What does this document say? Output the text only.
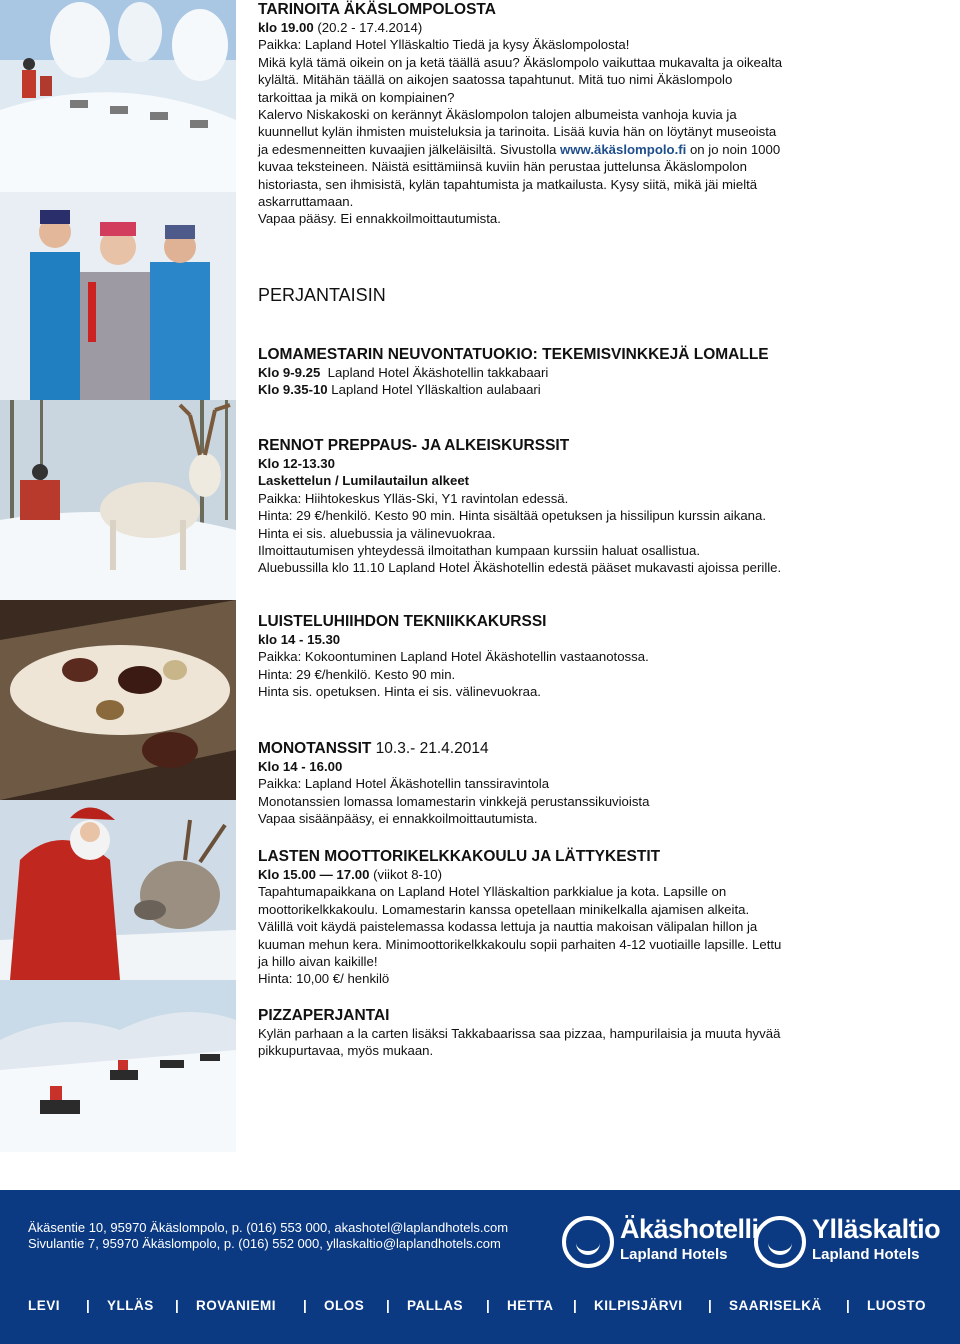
TARINOITA ÄKÄSLOMPOLOSTA
klo 19.00 (20.2 - 17.4.2014)
Paikka: Lapland Hotel Ylläskaltio Tiedä ja kysy Äkäslompolosta!
Mikä kylä tämä oikein on ja ketä täällä asuu? Äkäslompolo vaikuttaa mukavalta ja oikealta
kylältä. Mitähän täällä on aikojen saatossa tapahtunut. Mitä tuo nimi Äkäslompolo
tarkoittaa ja mikä on kompiainen?
Kalervo Niskakoski on kerännyt Äkäslompolon talojen albumeista vanhoja kuvia ja
kuunnellut kylän ihmisten muisteluksia ja tarinoita. Lisää kuvia hän on löytänyt museoista
ja edesmenneitten kuvaajien jälkeläisiltä. Sivustolla www.äkäslompolo.fi on jo noin 1000
kuvaa teksteineen. Näistä esittämiinsä kuviin hän perustaa juttelunsa Äkäslompolon
historiasta, sen ihmisistä, kylän tapahtumista ja matkailusta. Kysy siitä, mikä jäi mieltä
askarruttamaan.
Vapaa pääsy. Ei ennakkoilmoittautumista.
PERJANTAISIN
LOMAMESTARIN NEUVONTATUOKIO: TEKEMISVINKKEJÄ LOMALLE
Klo 9-9.25  Lapland Hotel Äkäshotellin takkabaari
Klo 9.35-10 Lapland Hotel Ylläskaltion aulabaari
RENNOT PREPPAUS- JA ALKEISKURSSIT
Klo 12-13.30
Laskettelun / Lumilautailun alkeet
Paikka: Hiihtokeskus Ylläs-Ski, Y1 ravintolan edessä.
Hinta: 29 €/henkilö. Kesto 90 min. Hinta sisältää opetuksen ja hissilipun kurssin aikana.
Hinta ei sis. aluebussia ja välinevuokraa.
Ilmoittautumisen yhteydessä ilmoitathan kumpaan kurssiin haluat osallistua.
Aluebussilla klo 11.10 Lapland Hotel Äkäshotellin edestä pääset mukavasti ajoissa perille.
LUISTELUHIIHDON TEKNIIKKAKURSSI
klo 14 - 15.30
Paikka: Kokoontuminen Lapland Hotel Äkäshotellin vastaanotossa.
Hinta: 29 €/henkilö. Kesto 90 min.
Hinta sis. opetuksen. Hinta ei sis. välinevuokraa.
MONOTANSSIT 10.3.- 21.4.2014
Klo 14 - 16.00
Paikka: Lapland Hotel Äkäshotellin tanssiravintola
Monotanssien lomassa lomamestarin vinkkejä perustanssikuvioista
Vapaa sisäänpääsy, ei ennakkoilmoittautumista.
LASTEN MOOTTORIKELKKAKOULU JA LÄTTYKESTIT
Klo 15.00 — 17.00 (viikot 8-10)
Tapahtumapaikkana on Lapland Hotel Ylläskaltion parkkialue ja kota. Lapsille on
moottorikelkkakoulu. Lomamestarin kanssa opetellaan minikelkalla ajamisen alkeita.
Välillä voit käydä paistelemassa kodassa lettuja ja nauttia makoisan välipalan hillon ja
kuuman mehun kera. Minimoottorikelkkakoulu sopii parhaiten 4-12 vuotiaille lapsille. Lettu
ja hillo aivan kaikille!
Hinta: 10,00 €/ henkilö
PIZZAPERJANTAI
Kylän parhaan a la carten lisäksi Takkabaarissa saa pizzaa, hampurilaisia ja muuta hyvää
pikkupurtavaa, myös mukaan.
Äkäsentie 10, 95970 Äkäslompolo, p. (016) 553 000, akashotel@laplandhotels.com
Sivulantie 7, 95970 Äkäslompolo, p. (016) 552 000, yllaskaltio@laplandhotels.com	Äkäshotelli
Lapland Hotels
Ylläskaltio
Lapland Hotels
LEVI | YLLÄS | ROVANIEMI | OLOS | PALLAS | HETTA | KILPISJÄRVI | SAARISELKÄ | LUOSTO
